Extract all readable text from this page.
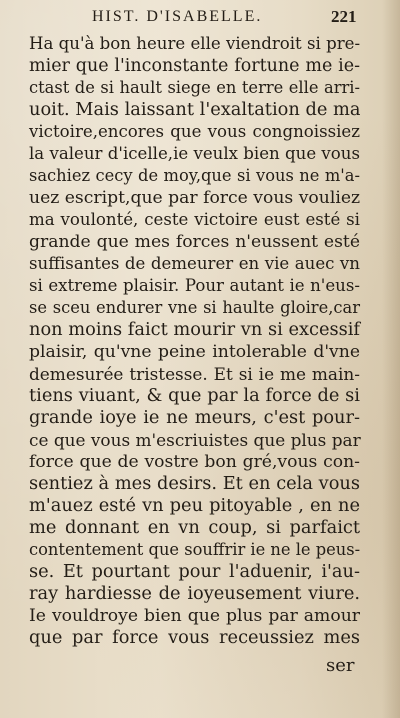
HIST. D'ISABELLE.	221
Ha qu'à bon heure elle viendroit si pre-
mier que l'inconstante fortune me ie-
ctast de si hault siege en terre elle arri-
uoit. Mais laissant l'exaltation de ma
victoire,encores que vous congnoissiez
la valeur d'icelle,ie veulx bien que vous
sachiez cecy de moy,que si vous ne m'a-
uez escript,que par force vous vouliez
ma voulonté, ceste victoire eust esté si
grande que mes forces n'eussent esté
suffisantes de demeurer en vie auec vn
si extreme plaisir. Pour autant ie n'eus-
se sceu endurer vne si haulte gloire,car
non moins faict mourir vn si excessif
plaisir, qu'vne peine intolerable d'vne
demesurée tristesse. Et si ie me main-
tiens viuant, & que par la force de si
grande ioye ie ne meurs, c'est pour-
ce que vous m'escriuistes que plus par
force que de vostre bon gré,vous con-
sentiez à mes desirs. Et en cela vous
m'auez esté vn peu pitoyable , en ne
me donnant en vn coup, si parfaict
contentement que souffrir ie ne le peus-
se. Et pourtant pour l'aduenir, i'au-
ray hardiesse de ioyeusement viure.
Ie vouldroye bien que plus par amour
que par force vous receussiez mes
ser
